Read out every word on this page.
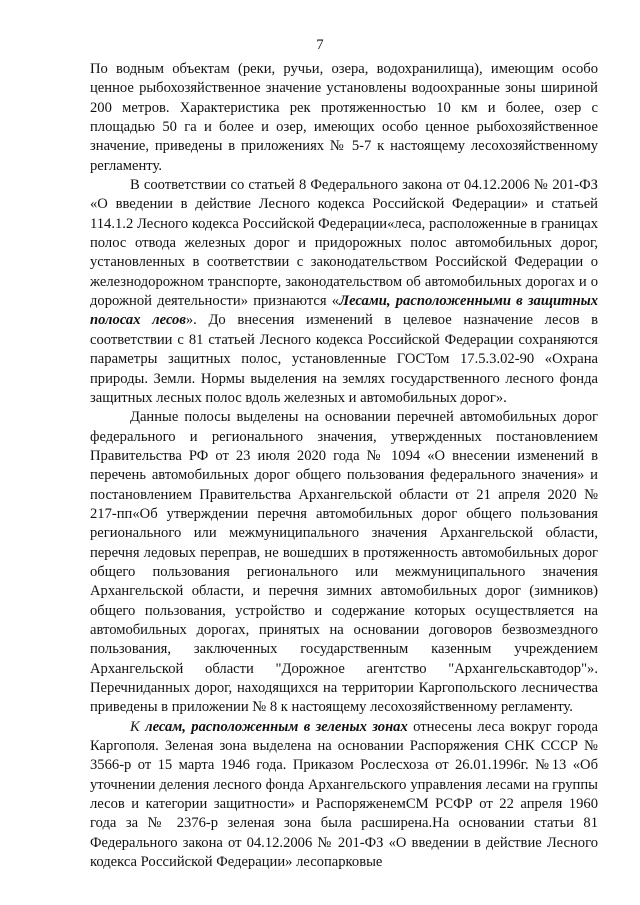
7

По водным объектам (реки, ручьи, озера, водохранилища), имеющим особо ценное рыбохозяйственное значение установлены водоохранные зоны шириной 200 метров. Характеристика рек протяженностью 10 км и более, озер с площадью 50 га и более и озер, имеющих особо ценное рыбохозяйственное значение, приведены в приложениях № 5-7 к настоящему лесохозяйственному регламенту.

В соответствии со статьей 8 Федерального закона от 04.12.2006 № 201-ФЗ «О введении в действие Лесного кодекса Российской Федерации» и статьей 114.1.2 Лесного кодекса Российской Федерации«леса, расположенные в границах полос отвода железных дорог и придорожных полос автомобильных дорог, установленных в соответствии с законодательством Российской Федерации о железнодорожном транспорте, законодательством об автомобильных дорогах и о дорожной деятельности» признаются «Лесами, расположенными в защитных полосах лесов». До внесения изменений в целевое назначение лесов в соответствии с 81 статьей Лесного кодекса Российской Федерации сохраняются параметры защитных полос, установленные ГОСТом 17.5.3.02-90 «Охрана природы. Земли. Нормы выделения на землях государственного лесного фонда защитных лесных полос вдоль железных и автомобильных дорог».

Данные полосы выделены на основании перечней автомобильных дорог федерального и регионального значения, утвержденных постановлением Правительства РФ от 23 июля 2020 года № 1094 «О внесении изменений в перечень автомобильных дорог общего пользования федерального значения» и постановлением Правительства Архангельской области от 21 апреля 2020 № 217-пп«Об утверждении перечня автомобильных дорог общего пользования регионального или межмуниципального значения Архангельской области, перечня ледовых переправ, не вошедших в протяженность автомобильных дорог общего пользования регионального или межмуниципального значения Архангельской области, и перечня зимних автомобильных дорог (зимников) общего пользования, устройство и содержание которых осуществляется на автомобильных дорогах, принятых на основании договоров безвозмездного пользования, заключенных государственным казенным учреждением Архангельской области "Дорожное агентство "Архангельскавтодор"». Перечниданных дорог, находящихся на территории Каргопольского лесничества приведены в приложении № 8 к настоящему лесохозяйственному регламенту.

К лесам, расположенным в зеленых зонах отнесены леса вокруг города Каргополя. Зеленая зона выделена на основании Распоряжения СНК СССР № 3566-р от 15 марта 1946 года. Приказом Рослесхоза от 26.01.1996г. №13 «Об уточнении деления лесного фонда Архангельского управления лесами на группы лесов и категории защитности» и РаспоряженемСМ РСФР от 22 апреля 1960 года за № 2376-р зеленая зона была расширена.На основании статьи 81 Федерального закона от 04.12.2006 № 201-ФЗ «О введении в действие Лесного кодекса Российской Федерации» лесопарковые
